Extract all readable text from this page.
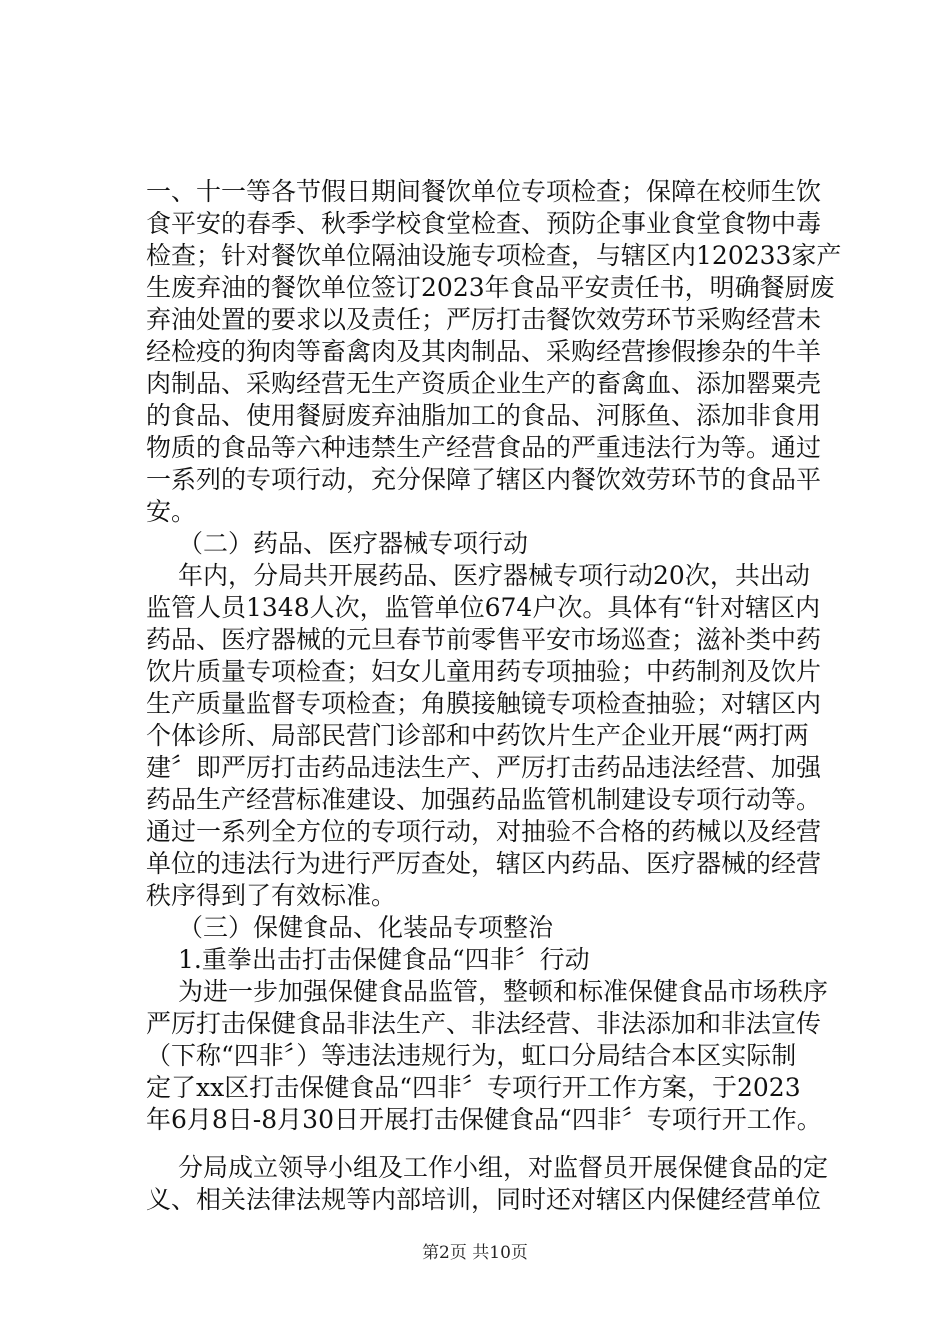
一、十一等各节假日期间餐饮单位专项检查；保障在校师生饮
食平安的春季、秋季学校食堂检查、预防企事业食堂食物中毒
检查；针对餐饮单位隔油设施专项检查，与辖区内120233家产
生废弃油的餐饮单位签订2023年食品平安责任书，明确餐厨废
弃油处置的要求以及责任；严厉打击餐饮效劳环节采购经营未
经检疫的狗肉等畜禽肉及其肉制品、采购经营掺假掺杂的牛羊
肉制品、采购经营无生产资质企业生产的畜禽血、添加罂粟壳
的食品、使用餐厨废弃油脂加工的食品、河豚鱼、添加非食用
物质的食品等六种违禁生产经营食品的严重违法行为等。通过
一系列的专项行动，充分保障了辖区内餐饮效劳环节的食品平
安。
（二）药品、医疗器械专项行动
年内，分局共开展药品、医疗器械专项行动20次，共出动
监管人员1348人次，监管单位674户次。具体有“针对辖区内
药品、医疗器械的元旦春节前零售平安市场巡查；滋补类中药
饮片质量专项检查；妇女儿童用药专项抽验；中药制剂及饮片
生产质量监督专项检查；角膜接触镜专项检查抽验；对辖区内
个体诊所、局部民营门诊部和中药饮片生产企业开展“两打两
建〞即严厉打击药品违法生产、严厉打击药品违法经营、加强
药品生产经营标准建设、加强药品监管机制建设专项行动等。
通过一系列全方位的专项行动，对抽验不合格的药械以及经营
单位的违法行为进行严厉查处，辖区内药品、医疗器械的经营
秩序得到了有效标准。
（三）保健食品、化装品专项整治
1.重拳出击打击保健食品“四非〞行动
为进一步加强保健食品监管，整顿和标准保健食品市场秩序
严厉打击保健食品非法生产、非法经营、非法添加和非法宣传
（下称“四非〞）等违法违规行为，虹口分局结合本区实际制
定了xx区打击保健食品“四非〞专项行开工作方案，于2023
年6月8日-8月30日开展打击保健食品“四非〞专项行开工作。
分局成立领导小组及工作小组，对监督员开展保健食品的定
义、相关法律法规等内部培训，同时还对辖区内保健经营单位
第2页 共10页
